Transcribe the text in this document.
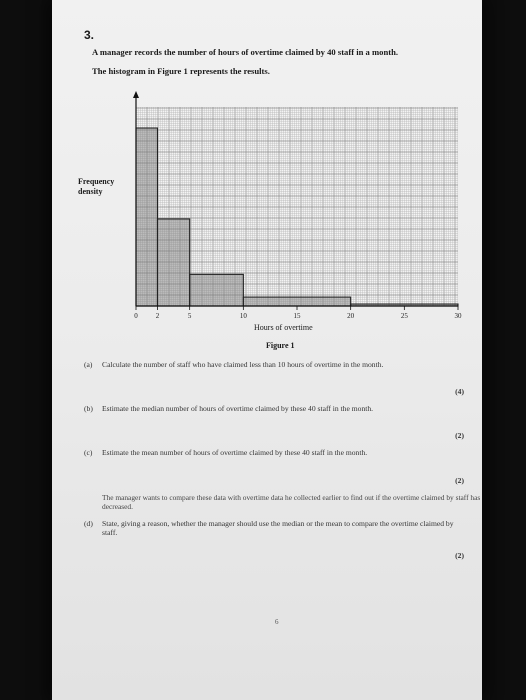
3.
A manager records the number of hours of overtime claimed by 40 staff in a month.
The histogram in Figure 1 represents the results.
0	2	5	10	15	20	25	30
Frequency density
Hours of overtime
Figure 1
(a) Calculate the number of staff who have claimed less than 10 hours of overtime in the month.
(4)
(b) Estimate the median number of hours of overtime claimed by these 40 staff in the month.
(2)
(c) Estimate the mean number of hours of overtime claimed by these 40 staff in the month.
(2)
The manager wants to compare these data with overtime data he collected earlier to find out if the overtime claimed by staff has decreased.
(d) State, giving a reason, whether the manager should use the median or the mean to compare the overtime claimed by staff.
(2)
6
